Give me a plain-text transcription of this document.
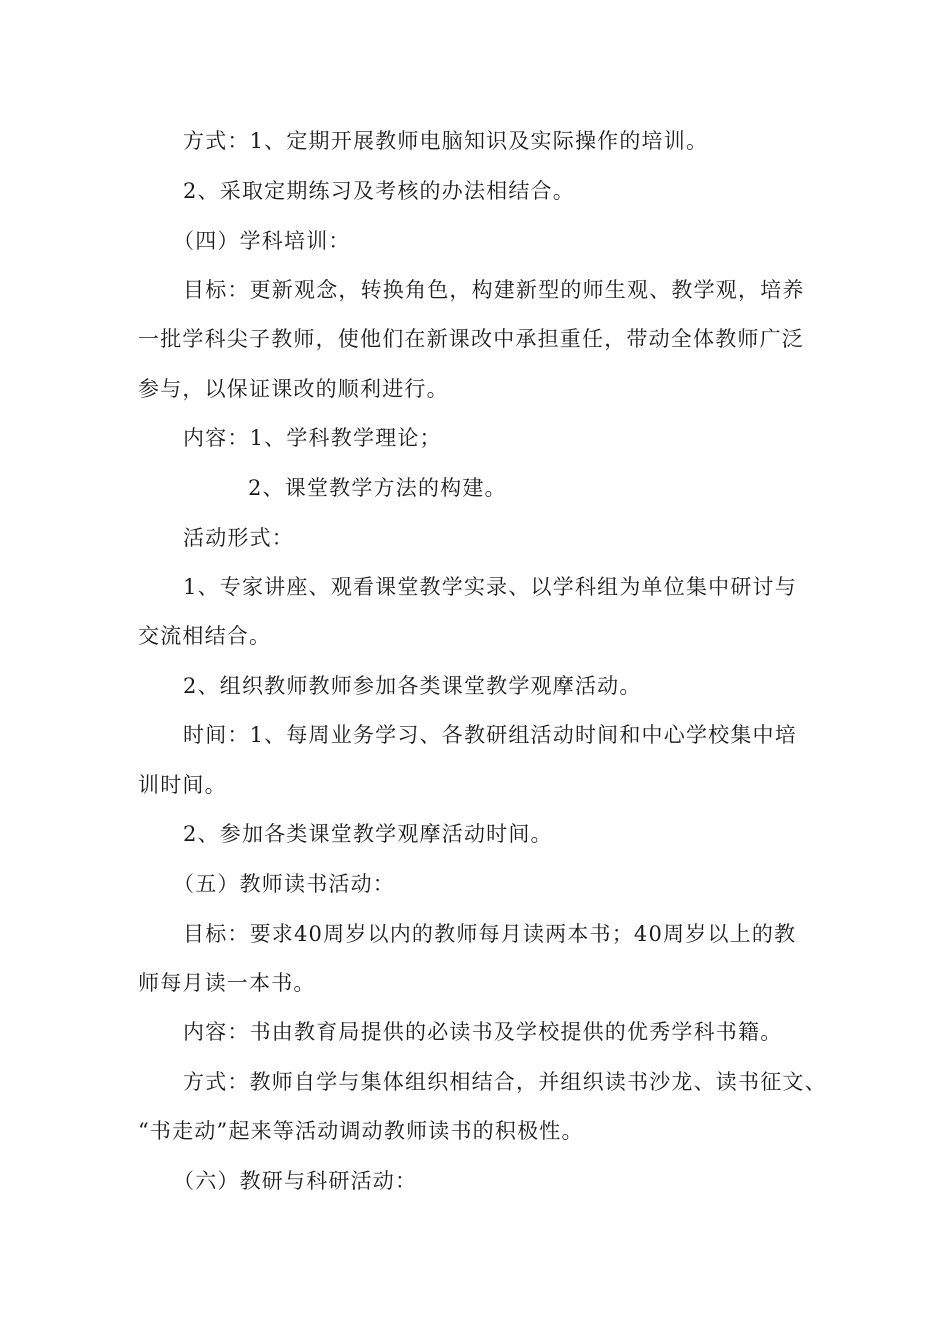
方式：1、定期开展教师电脑知识及实际操作的培训。
2、采取定期练习及考核的办法相结合。
（四）学科培训：
目标：更新观念，转换角色，构建新型的师生观、教学观，培养
一批学科尖子教师，使他们在新课改中承担重任，带动全体教师广泛
参与，以保证课改的顺利进行。
内容：1、学科教学理论；
2、课堂教学方法的构建。
活动形式：
1、专家讲座、观看课堂教学实录、以学科组为单位集中研讨与
交流相结合。
2、组织教师教师参加各类课堂教学观摩活动。
时间：1、每周业务学习、各教研组活动时间和中心学校集中培
训时间。
2、参加各类课堂教学观摩活动时间。
（五）教师读书活动：
目标：要求40周岁以内的教师每月读两本书；40周岁以上的教
师每月读一本书。
内容：书由教育局提供的必读书及学校提供的优秀学科书籍。
方式：教师自学与集体组织相结合，并组织读书沙龙、读书征文、
“书走动”起来等活动调动教师读书的积极性。
（六）教研与科研活动：
